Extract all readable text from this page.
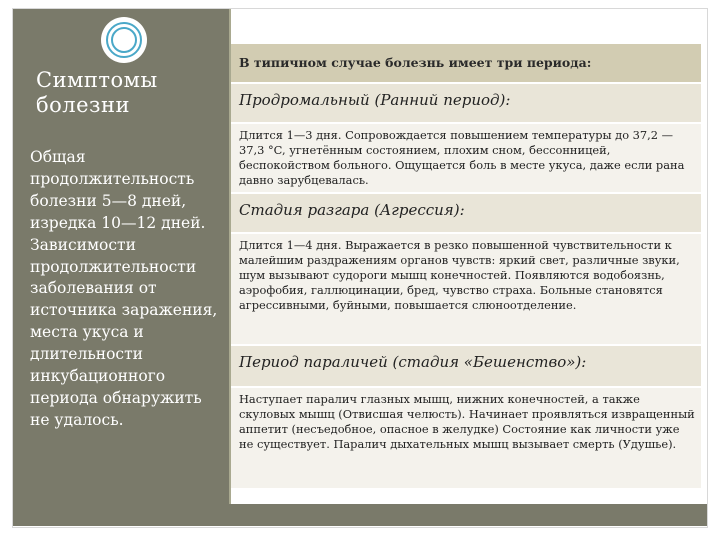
Симптомы болезни
Общая продолжительность болезни 5—8 дней, изредка 10—12 дней. Зависимости продолжительности заболевания от источника заражения, места укуса и длительности инкубационного периода обнаружить не удалось.
В типичном случае болезнь имеет три периода:
Продромальный (Ранний период):
Длится 1—3 дня. Сопровождается повышением температуры до 37,2 —37,3 °C, угнетённым состоянием, плохим сном, бессонницей, беспокойством больного. Ощущается боль в месте укуса, даже если рана давно зарубцевалась.
Стадия разгара (Агрессия):
Длится 1—4 дня. Выражается в резко повышенной чувствительности к малейшим раздражениям органов чувств: яркий свет, различные звуки, шум вызывают судороги мышц конечностей. Появляются водобоязнь, аэрофобия, галлюцинации, бред, чувство страха. Больные становятся агрессивными, буйными, повышается слюноотделение.
Период параличей (стадия «Бешенство»):
Наступает паралич глазных мышц, нижних конечностей, а также скуловых мышц (Отвисшая челюсть). Начинает проявляться извращенный аппетит (несъедобное, опасное в желудке) Состояние как личности уже не существует. Паралич дыхательных мышц вызывает смерть (Удушье).
